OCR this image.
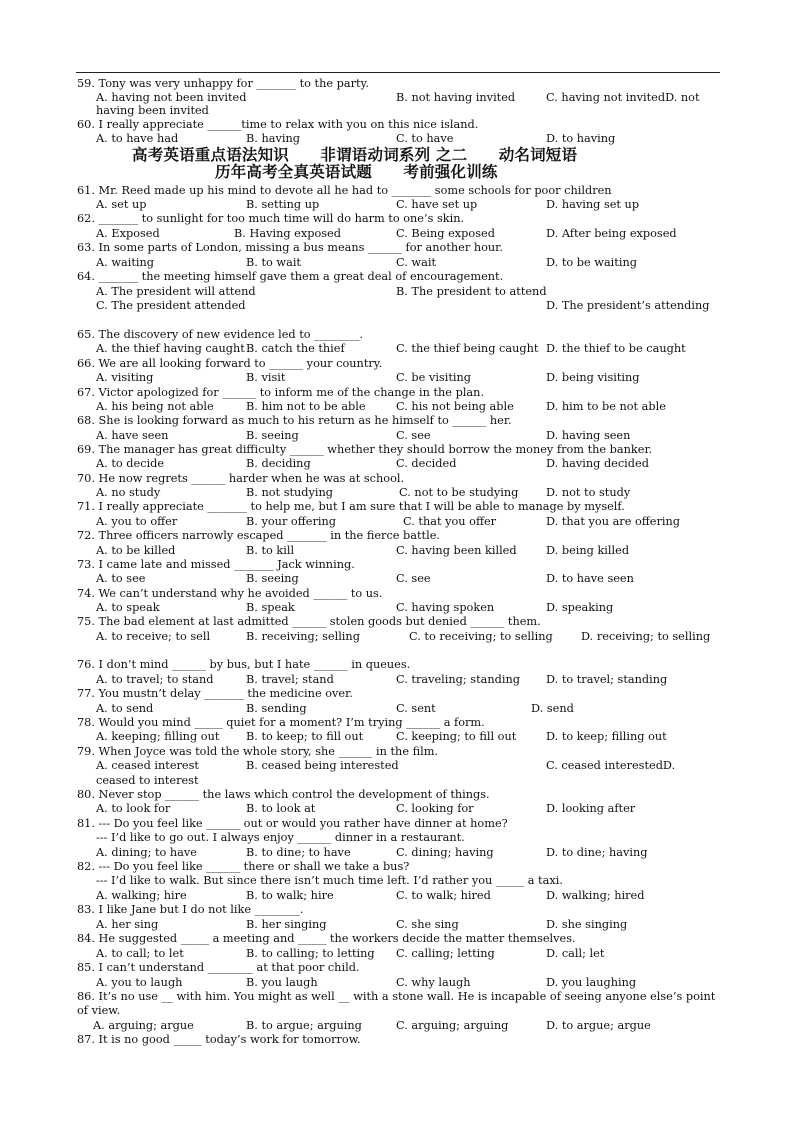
高考英语重点语法知识　　非谓语动词系列 之二　　动名词短语
历年高考全真英语试题　　考前强化训练
59. Tony was very unhappy for _______ to the party.
A. having not been invited	B. not having invited	C. having not invitedD. not
having been invited
60. I really appreciate ______time to relax with you on this nice island.
A. to have had	B. having	C. to have	D. to having
61. Mr. Reed made up his mind to devote all he had to _______ some schools for poor children
A. set up	B. setting up	C. have set up	D. having set up
62. _______ to sunlight for too much time will do harm to one’s skin.
A. Exposed	B. Having exposed	C. Being exposed	D. After being exposed
63. In some parts of London, missing a bus means ______ for another hour.
A. waiting	B. to wait	C. wait	D. to be waiting
64. _______ the meeting himself gave them a great deal of encouragement.
A. The president will attend	B. The president to attend
C. The president attended	D. The president’s attending
65. The discovery of new evidence led to ________.
A. the thief having caught B. catch the thief	C. the thief being caught D. the thief to be caught
66. We are all looking forward to ______ your country.
A. visiting	B. visit	C. be visiting	D. being visiting
67. Victor apologized for ______ to inform me of the change in the plan.
A. his being not able	B. him not to be able	C. his not being able	D. him to be not able
68. She is looking forward as much to his return as he himself to ______ her.
A. have seen	B. seeing	C. see	D. having seen
69. The manager has great difficulty ______ whether they should borrow the money from the banker.
A. to decide	B. deciding	C. decided	D. having decided
70. He now regrets ______ harder when he was at school.
A. no study	B. not studying	C. not to be studying D. not to study
71. I really appreciate _______ to help me, but I am sure that I will be able to manage by myself.
A. you to offer	B. your offering	C. that you offer	D. that you are offering
72. Three officers narrowly escaped _______ in the fierce battle.
A. to be killed	B. to kill	C. having been killed	D. being killed
73. I came late and missed _______ Jack winning.
A. to see	B. seeing	C. see	D. to have seen
74. We can’t understand why he avoided ______ to us.
A. to speak	B. speak	C. having spoken	D. speaking
75. The bad element at last admitted ______ stolen goods but denied ______ them.
A. to receive; to sell	B. receiving; selling	C. to receiving; to selling	D. receiving; to selling
76. I don’t mind ______ by bus, but I hate ______ in queues.
A. to travel; to stand	B. travel; stand	C. traveling; standing D. to travel; standing
77. You mustn’t delay _______ the medicine over.
A. to send	B. sending	C. sent	D. send
78. Would you mind _____ quiet for a moment? I’m trying ______ a form.
A. keeping; filling out B. to keep; to fill out	C. keeping; to fill out	D. to keep; filling out
79. When Joyce was told the whole story, she ______ in the film.
A. ceased interest	B. ceased being interested	C. ceased interestedD.
ceased to interest
80. Never stop ______ the laws which control the development of things.
A. to look for	B. to look at	C. looking for	D. looking after
81. --- Do you feel like ______ out or would you rather have dinner at home?
--- I’d like to go out. I always enjoy ______ dinner in a restaurant.
A. dining; to have	B. to dine; to have	C. dining; having	D. to dine; having
82. --- Do you feel like ______ there or shall we take a bus?
--- I’d like to walk. But since there isn’t much time left. I’d rather you _____ a taxi.
A. walking; hire	B. to walk; hire	C. to walk; hired	D. walking; hired
83. I like Jane but I do not like ________.
A. her sing	B. her singing	C. she sing	D. she singing
84. He suggested _____ a meeting and _____ the workers decide the matter themselves.
A. to call; to let	B. to calling; to letting C. calling; letting	D. call; let
85. I can’t understand ________ at that poor child.
A. you to laugh	B. you laugh	C. why laugh	D. you laughing
86. It’s no use __ with him. You might as well __ with a stone wall. He is incapable of seeing anyone else’s point
of view.
A. arguing; argue	B. to argue; arguing	C. arguing; arguing	D. to argue; argue
87. It is no good _____ today’s work for tomorrow.
